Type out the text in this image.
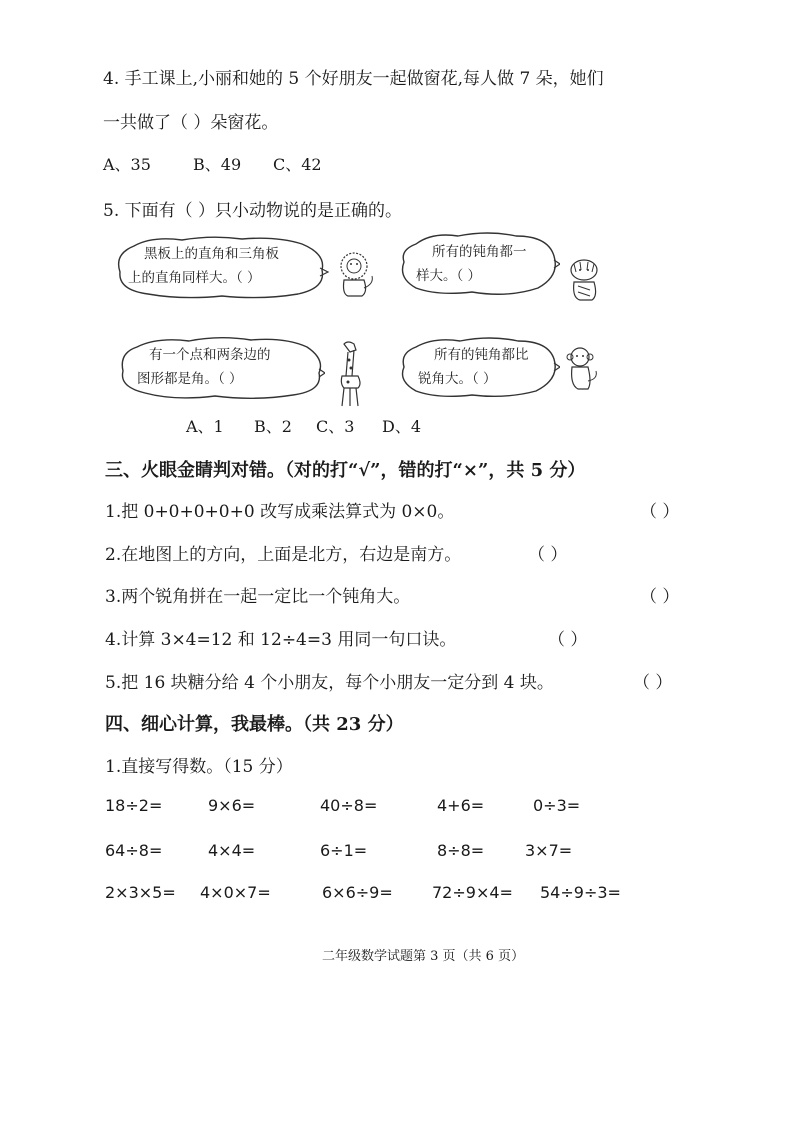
4. 手工课上,小丽和她的 5 个好朋友一起做窗花,每人做 7 朵，她们
一共做了（ ）朵窗花。
A、35	B、49 C、42
5. 下面有（ ）只小动物说的是正确的。
黑板上的直角和三角板
上的直角同样大。（ ）
所有的钝角都一
样大。（ ）
有一个点和两条边的
图形都是角。（ ）
所有的钝角都比
锐角大。（ ）
A、1 B、2 C、3 D、4
三、火眼金睛判对错。（对的打“√”，错的打“×”，共 5 分）
1.把 0+0+0+0+0 改写成乘法算式为 0×0。	（ ）
2.在地图上的方向，上面是北方，右边是南方。	（ ）
3.两个锐角拼在一起一定比一个钝角大。	（ ）
4.计算 3×4=12 和 12÷4=3 用同一句口诀。	（ ）
5.把 16 块糖分给 4 个小朋友，每个小朋友一定分到 4 块。	（ ）
四、细心计算，我最棒。（共 23 分）
1.直接写得数。（15 分）
18÷2=	9×6=	40÷8=	4+6=	0÷3=
64÷8=	4×4=	6÷1=	8÷8=	3×7=
2×3×5= 4×0×7=	6×6÷9= 72÷9×4= 54÷9÷3=
二年级数学试题第 3 页（共 6 页）
